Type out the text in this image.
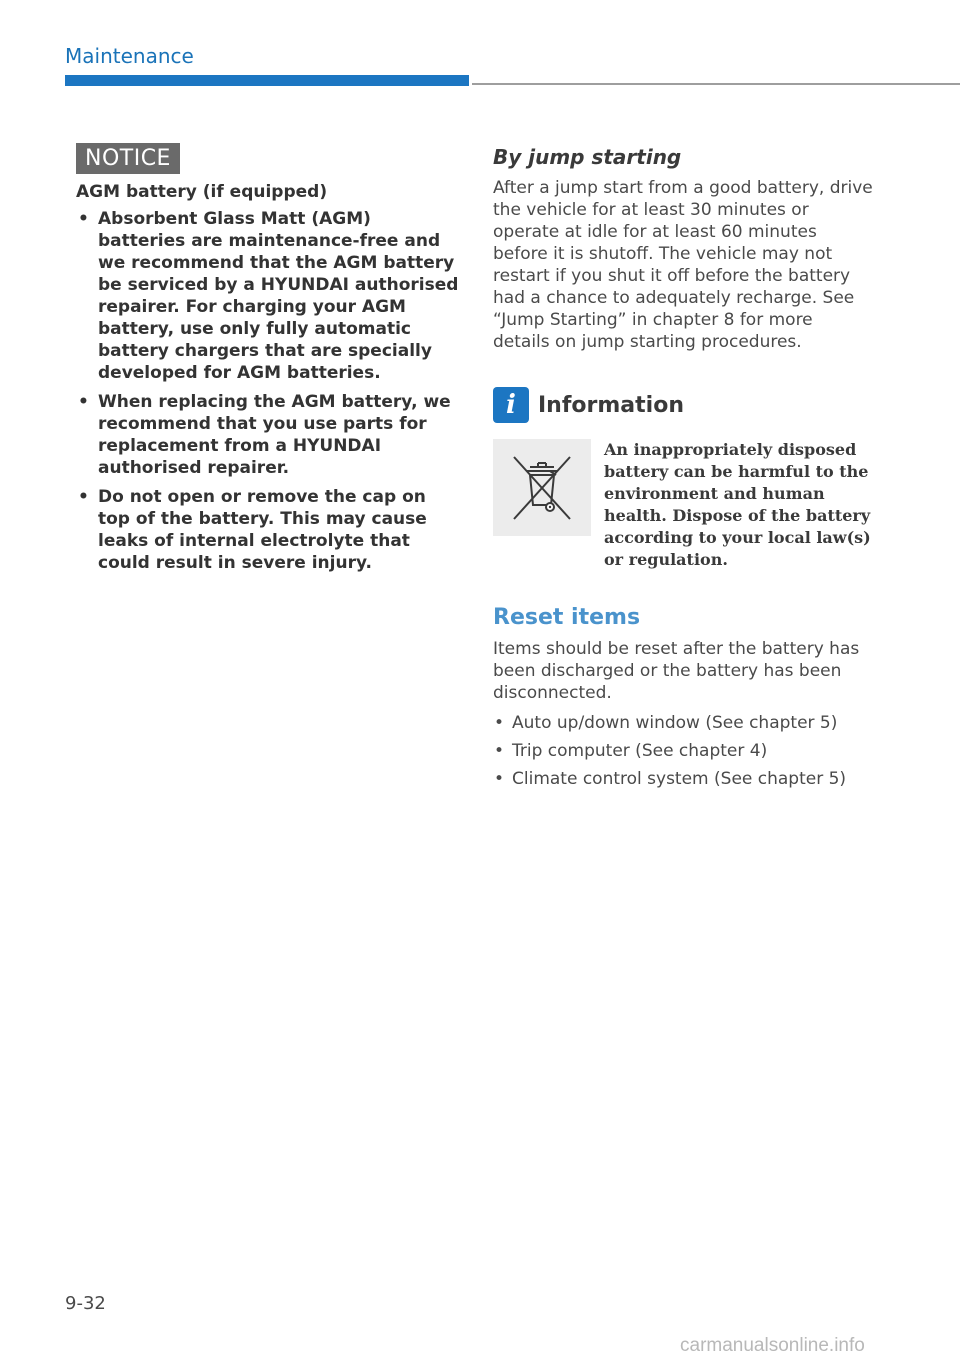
Maintenance
NOTICE
AGM battery (if equipped)
• Absorbent Glass Matt (AGM) batteries are maintenance-free and we recommend that the AGM battery be serviced by a HYUNDAI authorised repairer. For charging your AGM battery, use only fully automatic battery chargers that are specially developed for AGM batteries.
• When replacing the AGM battery, we recommend that you use parts for replacement from a HYUNDAI authorised repairer.
• Do not open or remove the cap on top of the battery. This may cause leaks of internal electrolyte that could result in severe injury.
By jump starting
After a jump start from a good battery, drive the vehicle for at least 30 minutes or operate at idle for at least 60 minutes before it is shutoff. The vehicle may not restart if you shut it off before the battery had a chance to adequately recharge. See “Jump Starting” in chapter 8 for more details on jump starting procedures.
i	Information
An inappropriately disposed battery can be harmful to the environment and human health. Dispose of the battery according to your local law(s) or regulation.
Reset items
Items should be reset after the battery has been discharged or the battery has been disconnected.
• Auto up/down window (See chapter 5)
• Trip computer (See chapter 4)
• Climate control system (See chapter 5)
9-32
carmanualsonline.info
